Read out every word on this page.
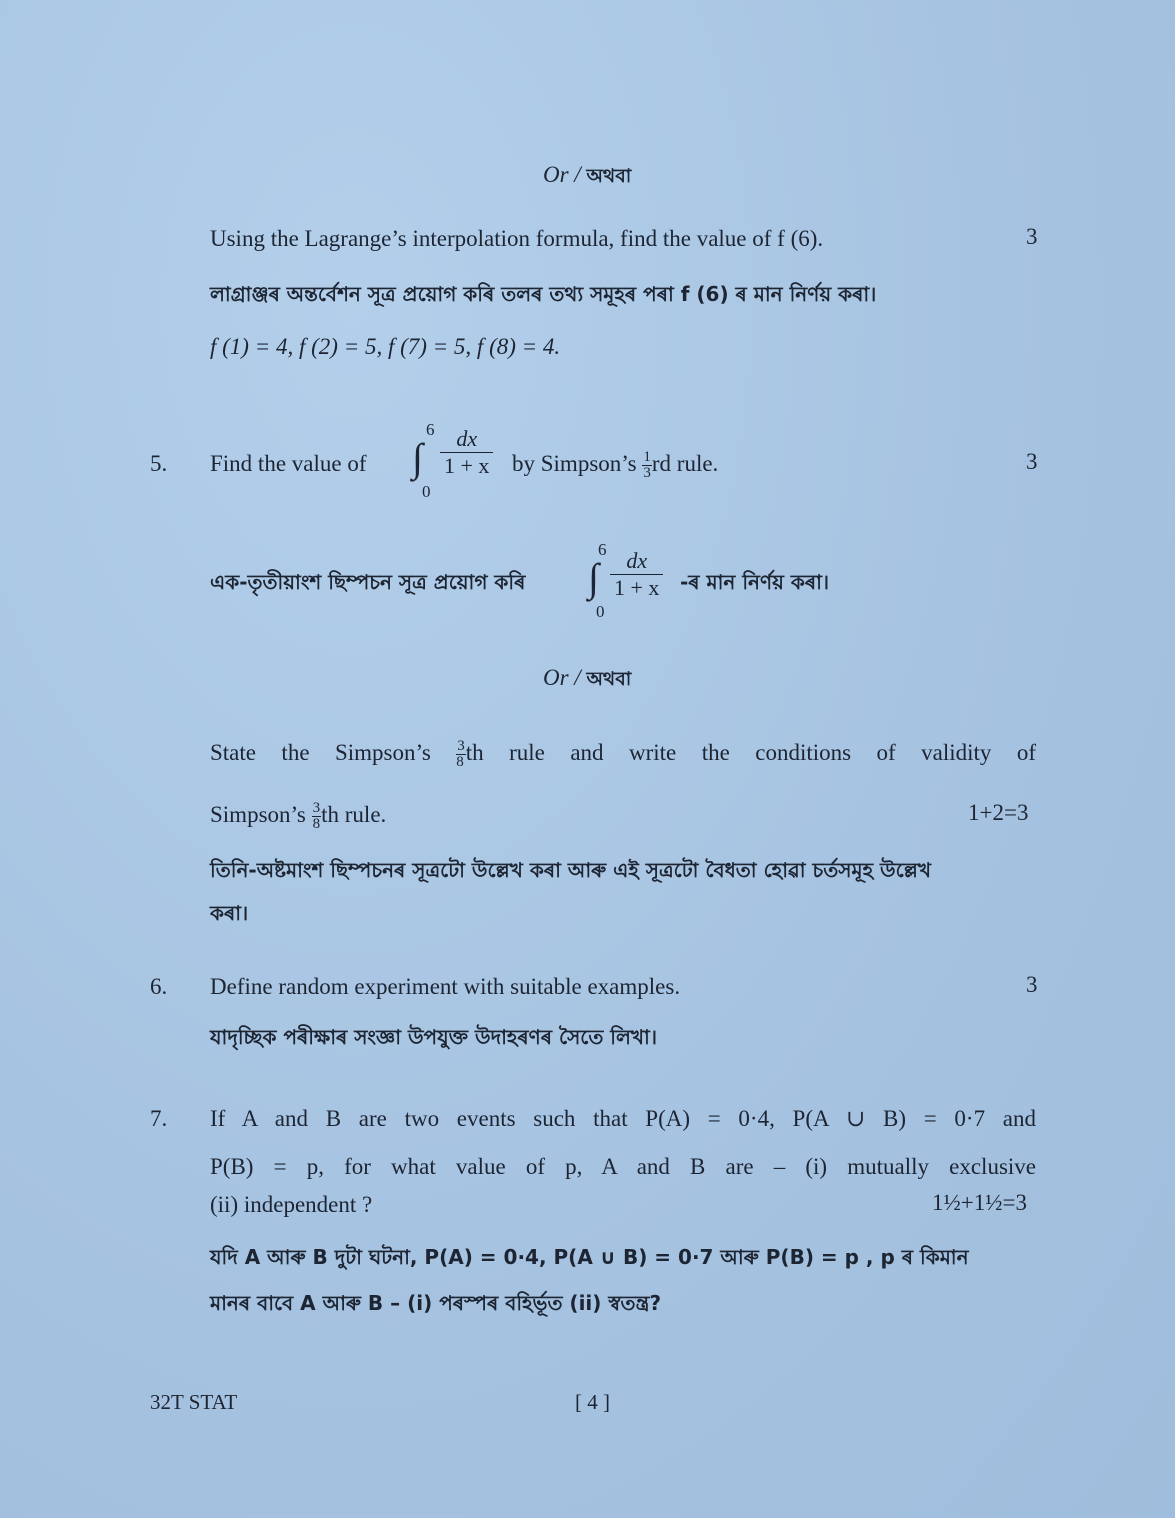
Or / অথবা
Using the Lagrange’s interpolation formula, find the value of f (6).	3
লাগ্ৰাঞ্জৰ অন্তৰ্বেশন সূত্ৰ প্ৰয়োগ কৰি তলৰ তথ্য সমূহৰ পৰা f (6) ৰ মান নিৰ্ণয় কৰা।
f (1) = 4, f (2) = 5, f (7) = 5, f (8) = 4.
5. Find the value of
6
∫
0
$\frac{dx}{1 + x}$ by Simpson’s $\frac{1}{3}$ rd rule.	3
এক-তৃতীয়াংশ ছিম্পচন সূত্ৰ প্ৰয়োগ কৰি
6
∫
0
$\frac{dx}{1 + x}$ -ৰ মান নিৰ্ণয় কৰা।
Or / অথবা
State the Simpson’s $\frac{3}{8}$ th rule and write the conditions of validity of
Simpson’s $\frac{3}{8}$ th rule.	1+2=3
তিনি-অষ্টমাংশ ছিম্পচনৰ সূত্ৰটো উল্লেখ কৰা আৰু এই সূত্ৰটো বৈধতা হোৱা চৰ্তসমূহ উল্লেখ
কৰা।
6. Define random experiment with suitable examples.	3
যাদৃচ্ছিক পৰীক্ষাৰ সংজ্ঞা উপযুক্ত উদাহৰণৰ সৈতে লিখা।
7. If A and B are two events such that P(A) = 0·4, P(A ∪ B) = 0·7 and
P(B) = p, for what value of p, A and B are – (i) mutually exclusive
(ii) independent ?	1½+1½=3
যদি A আৰু B দুটা ঘটনা, P(A) = 0·4, P(A ∪ B) = 0·7 আৰু P(B) = p , p ৰ কিমান
মানৰ বাবে A আৰু B – (i) পৰস্পৰ বহিৰ্ভূত (ii) স্বতন্ত্ৰ?
32T STAT	[ 4 ]
